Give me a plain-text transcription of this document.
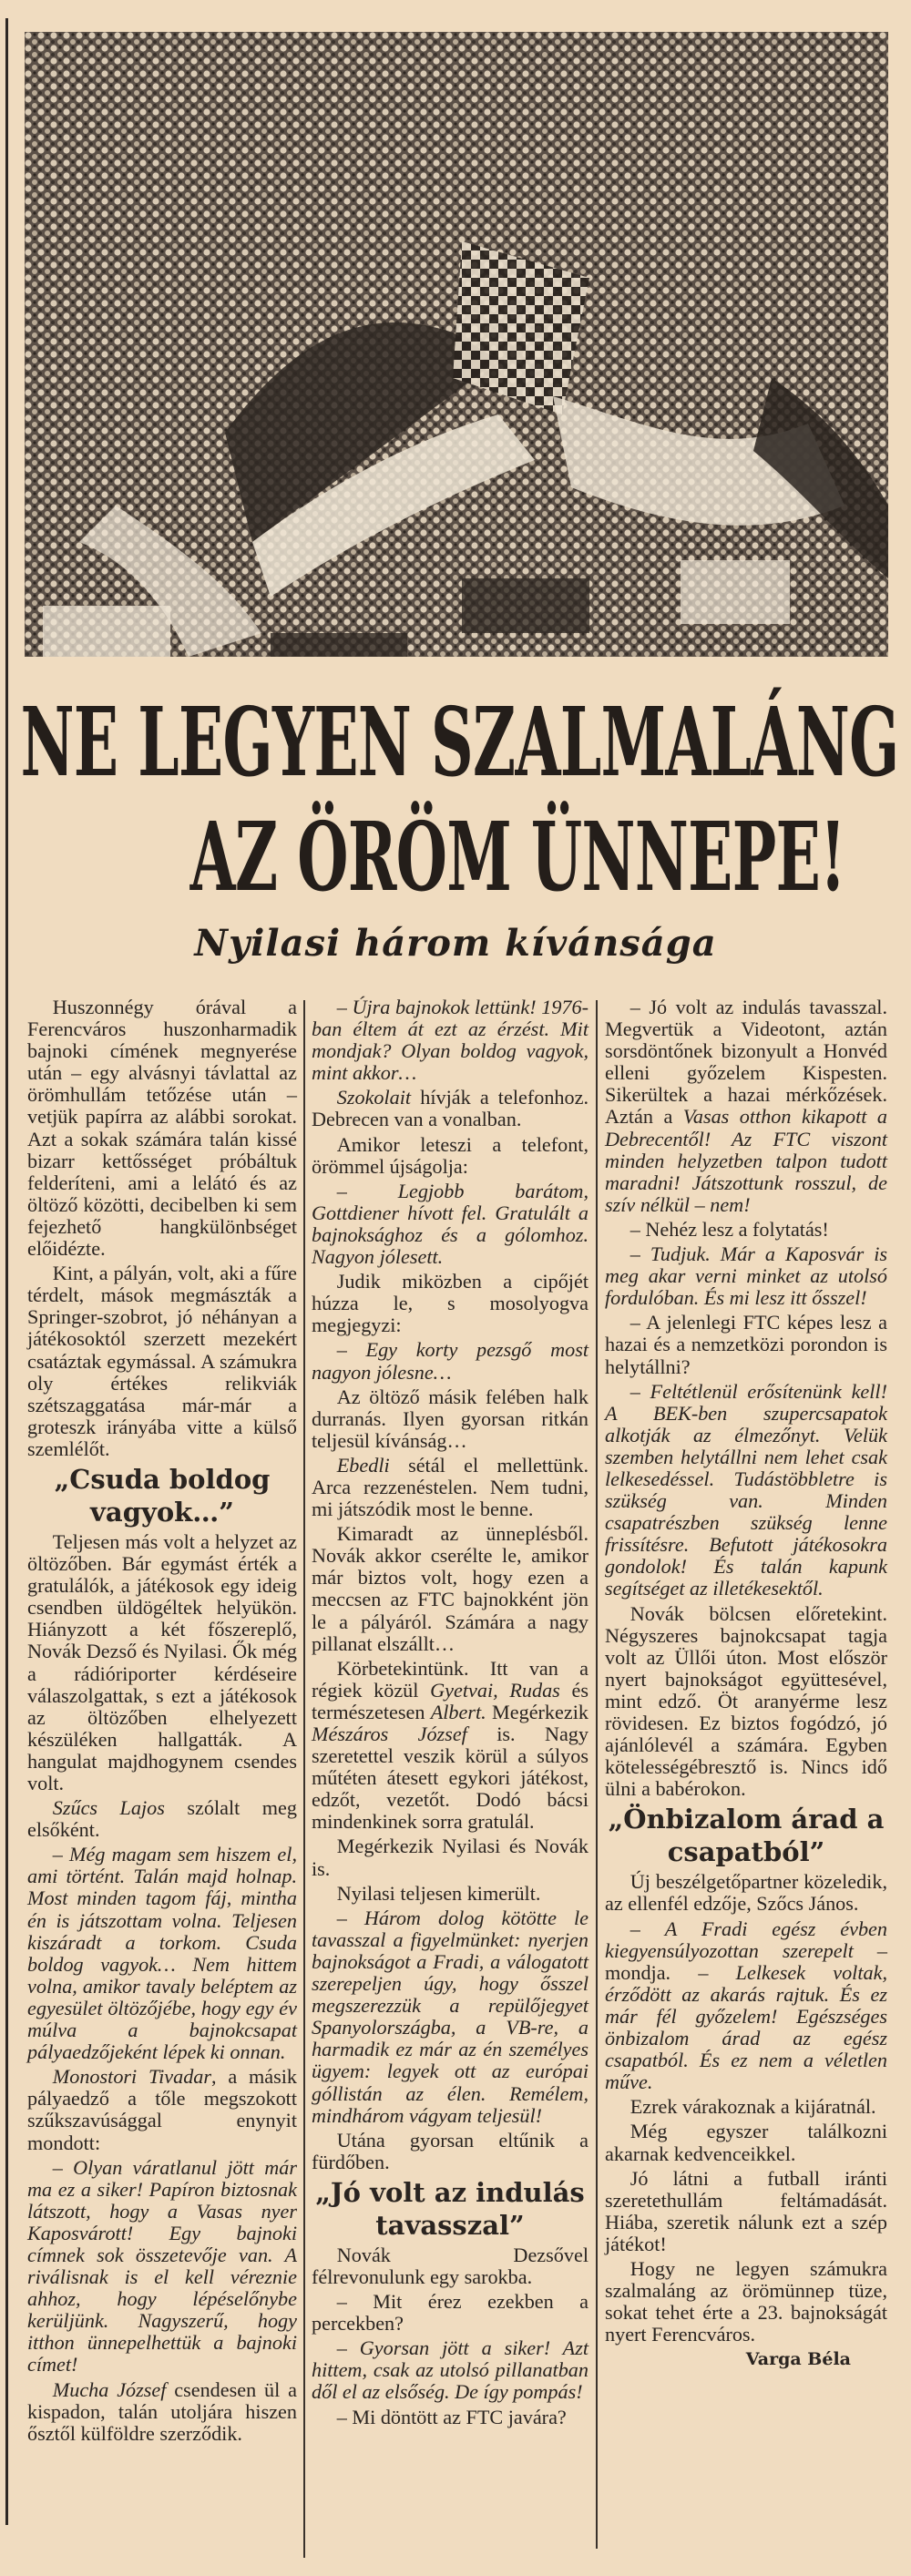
NE LEGYEN SZALMALÁNG
AZ ÖRÖM ÜNNEPE!
Nyilasi három kívánsága

Huszonnégy órával a Ferencváros huszonharmadik bajnoki címének megnyerése után – egy alvásnyi távlattal az örömhullám tetőzése után – vetjük papírra az alábbi sorokat. Azt a sokak számára talán kissé bizarr kettősséget próbáltuk felderíteni, ami a lelátó és az öltöző közötti, decibelben ki sem fejezhető hangkülönbséget előidézte.

Kint, a pályán, volt, aki a fűre térdelt, mások megmászták a Springer-szobrot, jó néhányan a játékosoktól szerzett mezekért csatáztak egymással. A számukra oly értékes relikviák szétszaggatása már-már a groteszk irányába vitte a külső szemlélőt.

„Csuda boldog vagyok…”

Teljesen más volt a helyzet az öltözőben. Bár egymást érték a gratulálók, a játékosok egy ideig csendben üldögéltek helyükön. Hiányzott a két főszereplő, Novák Dezső és Nyilasi. Ők még a rádióriporter kérdéseire válaszolgattak, s ezt a játékosok az öltözőben elhelyezett készüléken hallgatták. A hangulat majdhogynem csendes volt.

Szűcs Lajos szólalt meg elsőként.

– Még magam sem hiszem el, ami történt. Talán majd holnap. Most minden tagom fáj, mintha én is játszottam volna. Teljesen kiszáradt a torkom. Csuda boldog vagyok… Nem hittem volna, amikor tavaly beléptem az egyesület öltözőjébe, hogy egy év múlva a bajnokcsapat pályaedzőjeként lépek ki onnan.

Monostori Tivadar, a másik pályaedző a tőle megszokott szűkszavúsággal enynyit mondott:

– Olyan váratlanul jött már ma ez a siker! Papíron biztosnak látszott, hogy a Vasas nyer Kaposvárott! Egy bajnoki címnek sok összetevője van. A riválisnak is el kell véreznie ahhoz, hogy lépéselőnybe kerüljünk. Nagyszerű, hogy itthon ünnepelhettük a bajnoki címet!

Mucha József csendesen ül a kispadon, talán utoljára hiszen ősztől külföldre szerződik.

– Újra bajnokok lettünk! 1976-ban éltem át ezt az érzést. Mit mondjak? Olyan boldog vagyok, mint akkor…

Szokolait hívják a telefonhoz. Debrecen van a vonalban.

Amikor leteszi a telefont, örömmel újságolja:

– Legjobb barátom, Gottdiener hívott fel. Gratulált a bajnoksághoz és a gólomhoz. Nagyon jólesett.

Judik miközben a cipőjét húzza le, s mosolyogva megjegyzi:

– Egy korty pezsgő most nagyon jólesne…

Az öltöző másik felében halk durranás. Ilyen gyorsan ritkán teljesül kívánság…

Ebedli sétál el mellettünk. Arca rezzenéstelen. Nem tudni, mi játszódik most le benne.

Kimaradt az ünneplésből. Novák akkor cserélte le, amikor már biztos volt, hogy ezen a meccsen az FTC bajnokként jön le a pályáról. Számára a nagy pillanat elszállt…

Körbetekintünk. Itt van a régiek közül Gyetvai, Rudas és természetesen Albert. Megérkezik Mészáros József is. Nagy szeretettel veszik körül a súlyos műtéten átesett egykori játékost, edzőt, vezetőt. Dodó bácsi mindenkinek sorra gratulál.

Megérkezik Nyilasi és Novák is.

Nyilasi teljesen kimerült.

– Három dolog kötötte le tavasszal a figyelmünket: nyerjen bajnokságot a Fradi, a válogatott szerepeljen úgy, hogy ősszel megszerezzük a repülőjegyet Spanyolországba, a VB-re, a harmadik ez már az én személyes ügyem: legyek ott az európai góllistán az élen. Remélem, mindhárom vágyam teljesül!

Utána gyorsan eltűnik a fürdőben.

„Jó volt az indulás tavasszal”

Novák Dezsővel félrevonulunk egy sarokba.

– Mit érez ezekben a percekben?

– Gyorsan jött a siker! Azt hittem, csak az utolsó pillanatban dől el az elsőség. De így pompás!

– Mi döntött az FTC javára?

– Jó volt az indulás tavasszal. Megvertük a Videotont, aztán sorsdöntőnek bizonyult a Honvéd elleni győzelem Kispesten. Sikerültek a hazai mérkőzések. Aztán a Vasas otthon kikapott a Debrecentől! Az FTC viszont minden helyzetben talpon tudott maradni! Játszottunk rosszul, de szív nélkül – nem!

– Nehéz lesz a folytatás!

– Tudjuk. Már a Kaposvár is meg akar verni minket az utolsó fordulóban. És mi lesz itt ősszel!

– A jelenlegi FTC képes lesz a hazai és a nemzetközi porondon is helytállni?

– Feltétlenül erősítenünk kell! A BEK-ben szupercsapatok alkotják az élmezőnyt. Velük szemben helytállni nem lehet csak lelkesedéssel. Tudástöbbletre is szükség van. Minden csapatrészben szükség lenne frissítésre. Befutott játékosokra gondolok! És talán kapunk segítséget az illetékesektől.

Novák bölcsen előretekint. Négyszeres bajnokcsapat tagja volt az Üllői úton. Most először nyert bajnokságot együttesével, mint edző. Öt aranyérme lesz rövidesen. Ez biztos fogódzó, jó ajánlólevél a számára. Egyben kötelességébresztő is. Nincs idő ülni a babérokon.

„Önbizalom árad a csapatból”

Új beszélgetőpartner közeledik, az ellenfél edzője, Szőcs János.

– A Fradi egész évben kiegyensúlyozottan szerepelt – mondja. – Lelkesek voltak, érződött az akarás rajtuk. És ez már fél győzelem! Egészséges önbizalom árad az egész csapatból. És ez nem a véletlen műve.

Ezrek várakoznak a kijáratnál.

Még egyszer találkozni akarnak kedvenceikkel.

Jó látni a futball iránti szeretethullám feltámadását. Hiába, szeretik nálunk ezt a szép játékot!

Hogy ne legyen számukra szalmaláng az örömünnep tüze, sokat tehet érte a 23. bajnokságát nyert Ferencváros.

Varga Béla
